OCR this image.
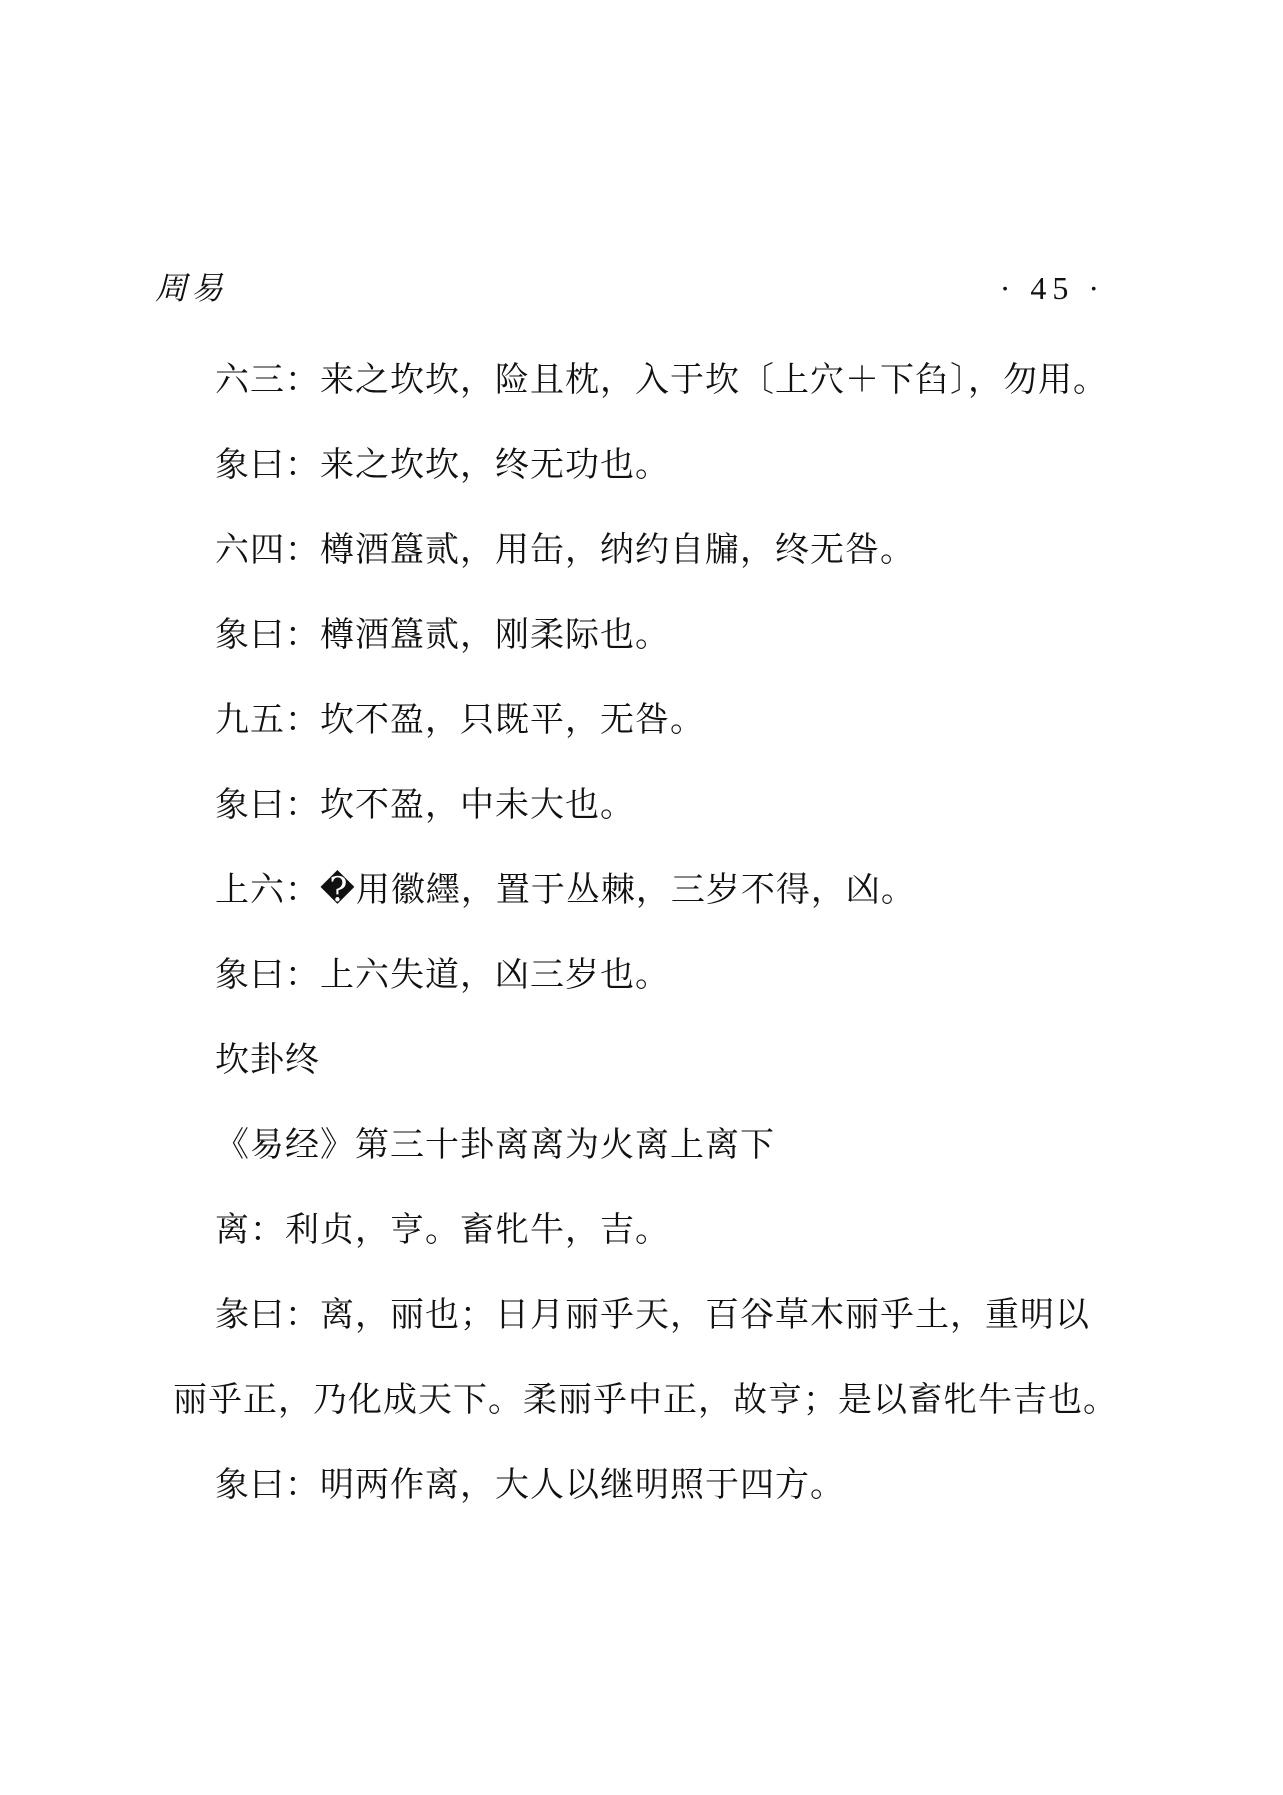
周易	· 45 ·

六三：来之坎坎，险且枕，入于坎〔上穴＋下臽〕，勿用。

象曰：来之坎坎，终无功也。

六四：樽酒簋贰，用缶，纳约自牖，终无咎。

象曰：樽酒簋贰，刚柔际也。

九五：坎不盈，只既平，无咎。

象曰：坎不盈，中未大也。

上六：�用徽纆，置于丛棘，三岁不得，凶。

象曰：上六失道，凶三岁也。

坎卦终

《易经》第三十卦离离为火离上离下

离：利贞，亨。畜牝牛，吉。

彖曰：离，丽也；日月丽乎天，百谷草木丽乎土，重明以

丽乎正，乃化成天下。柔丽乎中正，故亨；是以畜牝牛吉也。

象曰：明两作离，大人以继明照于四方。
